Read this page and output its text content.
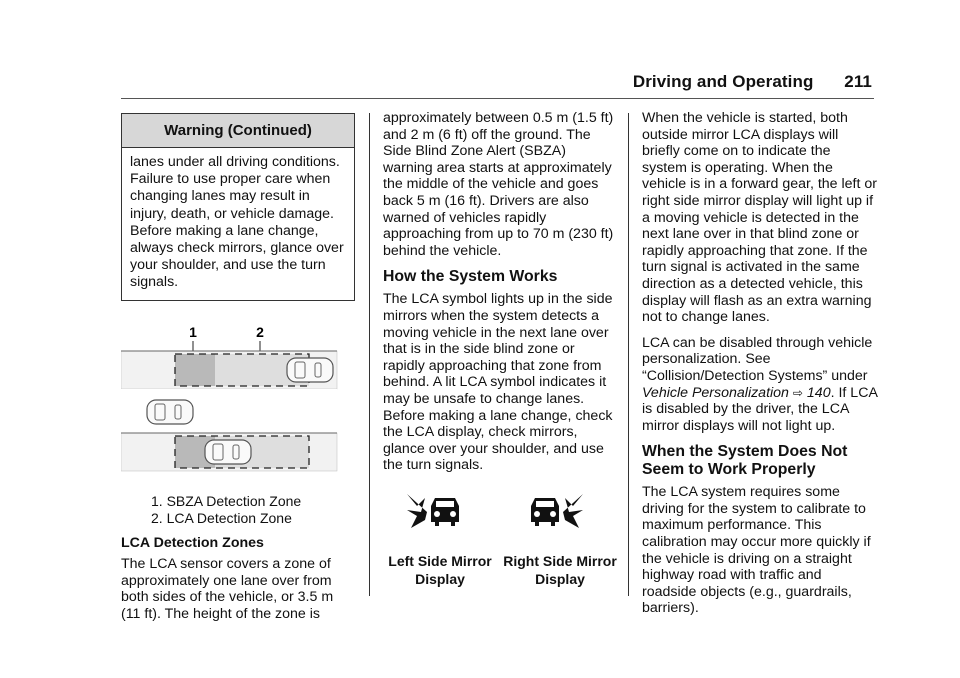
Driving and Operating 211
Warning (Continued)
lanes under all driving conditions. Failure to use proper care when changing lanes may result in injury, death, or vehicle damage. Before making a lane change, always check mirrors, glance over your shoulder, and use the turn signals.
1	2
1. SBZA Detection Zone
2. LCA Detection Zone
LCA Detection Zones

The LCA sensor covers a zone of approximately one lane over from both sides of the vehicle, or 3.5 m (11 ft). The height of the zone is

approximately between 0.5 m (1.5 ft) and 2 m (6 ft) off the ground. The Side Blind Zone Alert (SBZA) warning area starts at approximately the middle of the vehicle and goes back 5 m (16 ft). Drivers are also warned of vehicles rapidly approaching from up to 70 m (230 ft) behind the vehicle.

How the System Works

The LCA symbol lights up in the side mirrors when the system detects a moving vehicle in the next lane over that is in the side blind zone or rapidly approaching that zone from behind. A lit LCA symbol indicates it may be unsafe to change lanes. Before making a lane change, check the LCA display, check mirrors, glance over your shoulder, and use the turn signals.

Left Side Mirror Display
Right Side Mirror Display

When the vehicle is started, both outside mirror LCA displays will briefly come on to indicate the system is operating. When the vehicle is in a forward gear, the left or right side mirror display will light up if a moving vehicle is detected in the next lane over in that blind zone or rapidly approaching that zone. If the turn signal is activated in the same direction as a detected vehicle, this display will flash as an extra warning not to change lanes.

LCA can be disabled through vehicle personalization. See “Collision/Detection Systems” under Vehicle Personalization ⇨ 140. If LCA is disabled by the driver, the LCA mirror displays will not light up.

When the System Does Not Seem to Work Properly

The LCA system requires some driving for the system to calibrate to maximum performance. This calibration may occur more quickly if the vehicle is driving on a straight highway road with traffic and roadside objects (e.g., guardrails, barriers).
